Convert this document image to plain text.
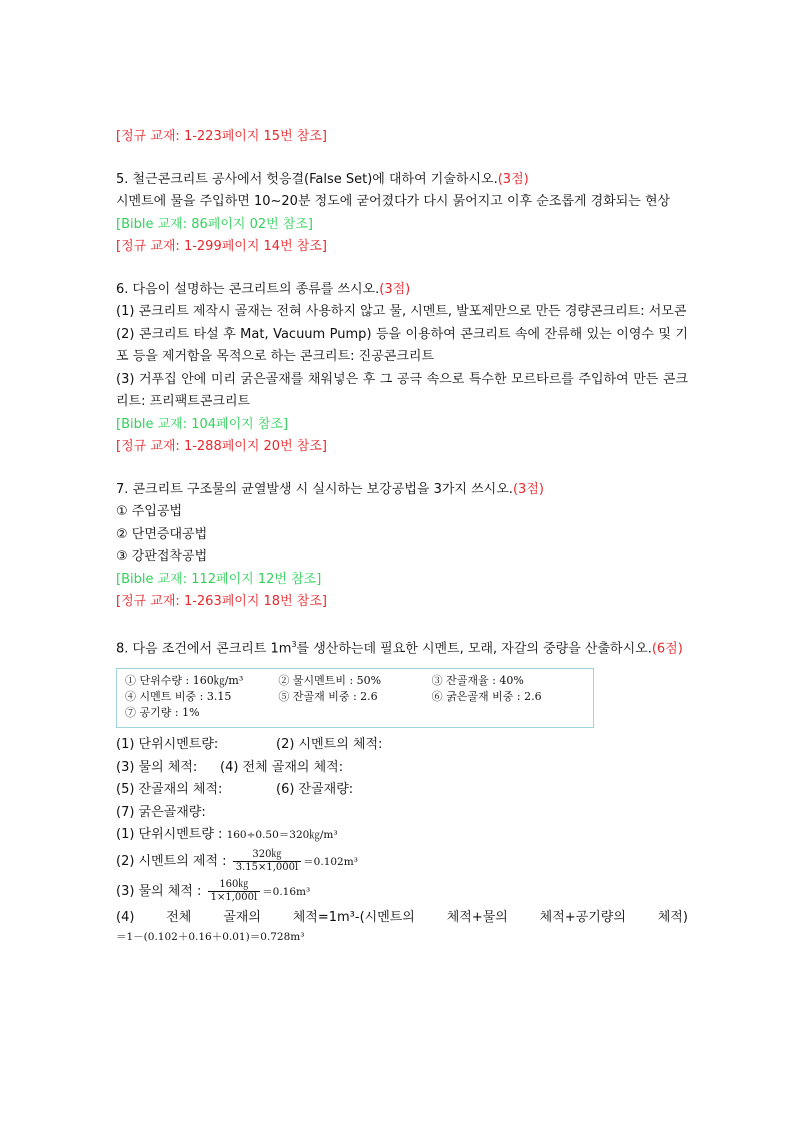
[정규 교재: 1-223페이지 15번 참조]
5. 철근콘크리트 공사에서 헛응결(False Set)에 대하여 기술하시오.(3점)
시멘트에 물을 주입하면 10~20분 정도에 굳어졌다가 다시 묽어지고 이후 순조롭게 경화되는 현상
[Bible 교재: 86페이지 02번 참조]
[정규 교재: 1-299페이지 14번 참조]
6. 다음이 설명하는 콘크리트의 종류를 쓰시오.(3점)
(1) 콘크리트 제작시 골재는 전혀 사용하지 않고 물, 시멘트, 발포제만으로 만든 경량콘크리트: 서모콘
(2) 콘크리트 타설 후 Mat, Vacuum Pump) 등을 이용하여 콘크리트 속에 잔류해 있는 이영수 및 기포 등을 제거함을 목적으로 하는 콘크리트: 진공콘크리트
(3) 거푸집 안에 미리 굵은골재를 채워넣은 후 그 공극 속으로 특수한 모르타르를 주입하여 만든 콘크리트: 프리팩트콘크리트
[Bible 교재: 104페이지 참조]
[정규 교재: 1-288페이지 20번 참조]
7. 콘크리트 구조물의 균열발생 시 실시하는 보강공법을 3가지 쓰시오.(3점)
① 주입공법
② 단면증대공법
③ 강판접착공법
[Bible 교재: 112페이지 12번 참조]
[정규 교재: 1-263페이지 18번 참조]
8. 다음 조건에서 콘크리트 $1m^3$를 생산하는데 필요한 시멘트, 모래, 자갈의 중량을 산출하시오.(6점)
① 단위수량 : 160㎏/m³	② 물시멘트비 : 50%	③ 잔골재율 : 40%
④ 시멘트 비중 : 3.15	⑤ 잔골재 비중 : 2.6	⑥ 굵은골재 비중 : 2.6
⑦ 공기량 : 1%
(1) 단위시멘트량:	(2) 시멘트의 체적:
(3) 물의 체적: (4) 전체 골재의 체적:
(5) 잔골재의 체적:	(6) 잔골재량:
(7) 굵은골재량:
(1) 단위시멘트량 : 160÷0.50＝320㎏/m³
(2) 시멘트의 제적 : $\frac{320㎏}{3.15\times 1,000l} =0.102m^3$
(3) 물의 체적 : $\frac{160㎏}{1\times 1,000l} =0.16m^3$
(4) 전체 골재의 체적=1m³-(시멘트의 체적+물의 체적+공기량의 체적)
＝1－(0.102＋0.16＋0.01)＝0.728m³
